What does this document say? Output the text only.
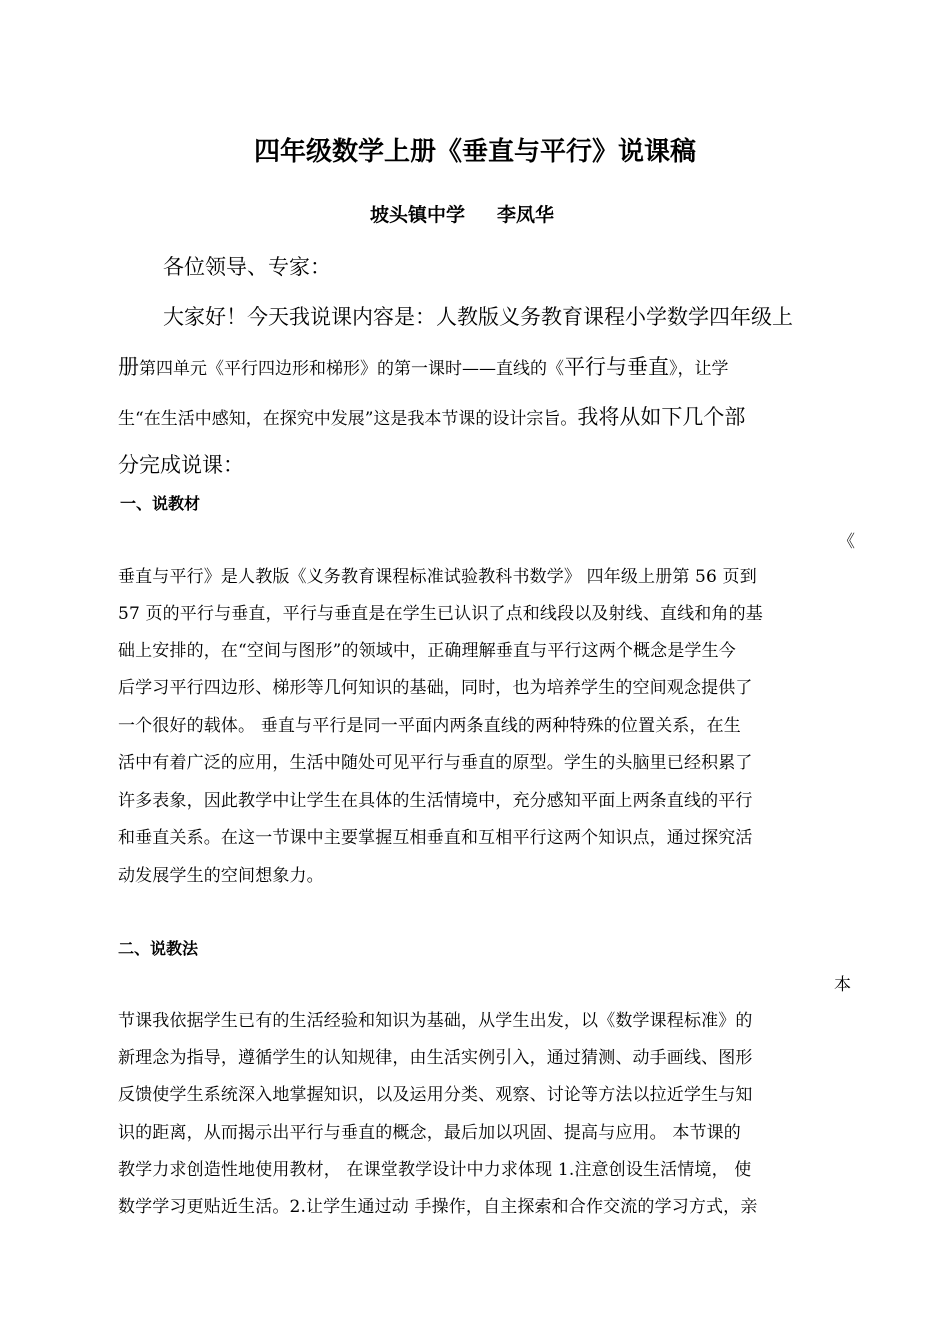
四年级数学上册《垂直与平行》说课稿
坡头镇中学 李凤华
各位领导、专家：
大家好！今天我说课内容是：人教版义务教育课程小学数学四年级上
册第四单元《平行四边形和梯形》的第一课时——直线的《平行与垂直》，让学
生“在生活中感知，在探究中发展”这是我本节课的设计宗旨。我将从如下几个部
分完成说课：
一、说教材
《
垂直与平行》是人教版《义务教育课程标准试验教科书数学》 四年级上册第 56 页到
57 页的平行与垂直，平行与垂直是在学生已认识了点和线段以及射线、直线和角的基
础上安排的，在“空间与图形”的领域中，正确理解垂直与平行这两个概念是学生今
后学习平行四边形、梯形等几何知识的基础，同时，也为培养学生的空间观念提供了
一个很好的载体。 垂直与平行是同一平面内两条直线的两种特殊的位置关系，在生
活中有着广泛的应用，生活中随处可见平行与垂直的原型。学生的头脑里已经积累了
许多表象，因此教学中让学生在具体的生活情境中，充分感知平面上两条直线的平行
和垂直关系。在这一节课中主要掌握互相垂直和互相平行这两个知识点，通过探究活
动发展学生的空间想象力。
二、说教法
本
节课我依据学生已有的生活经验和知识为基础，从学生出发，以《数学课程标准》的
新理念为指导，遵循学生的认知规律，由生活实例引入，通过猜测、动手画线、图形
反馈使学生系统深入地掌握知识，以及运用分类、观察、讨论等方法以拉近学生与知
识的距离，从而揭示出平行与垂直的概念，最后加以巩固、提高与应用。 本节课的
教学力求创造性地使用教材， 在课堂教学设计中力求体现 1.注意创设生活情境， 使
数学学习更贴近生活。2.让学生通过动 手操作，自主探索和合作交流的学习方式，亲
